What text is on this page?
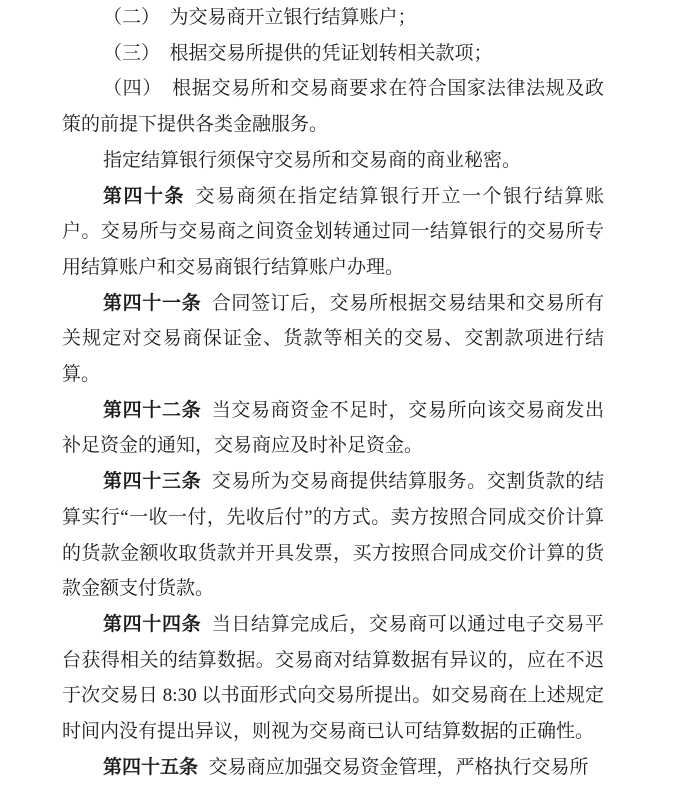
（二）　为交易商开立银行结算账户；

（三）　根据交易所提供的凭证划转相关款项；

（四）　根据交易所和交易商要求在符合国家法律法规及政策的前提下提供各类金融服务。

指定结算银行须保守交易所和交易商的商业秘密。

第四十条 交易商须在指定结算银行开立一个银行结算账户。交易所与交易商之间资金划转通过同一结算银行的交易所专用结算账户和交易商银行结算账户办理。

第四十一条 合同签订后，交易所根据交易结果和交易所有关规定对交易商保证金、货款等相关的交易、交割款项进行结算。

第四十二条 当交易商资金不足时，交易所向该交易商发出补足资金的通知，交易商应及时补足资金。

第四十三条 交易所为交易商提供结算服务。交割货款的结算实行“一收一付，先收后付”的方式。卖方按照合同成交价计算的货款金额收取货款并开具发票，买方按照合同成交价计算的货款金额支付货款。

第四十四条 当日结算完成后，交易商可以通过电子交易平台获得相关的结算数据。交易商对结算数据有异议的，应在不迟于次交易日 8:30 以书面形式向交易所提出。如交易商在上述规定时间内没有提出异议，则视为交易商已认可结算数据的正确性。

第四十五条 交易商应加强交易资金管理，严格执行交易所
